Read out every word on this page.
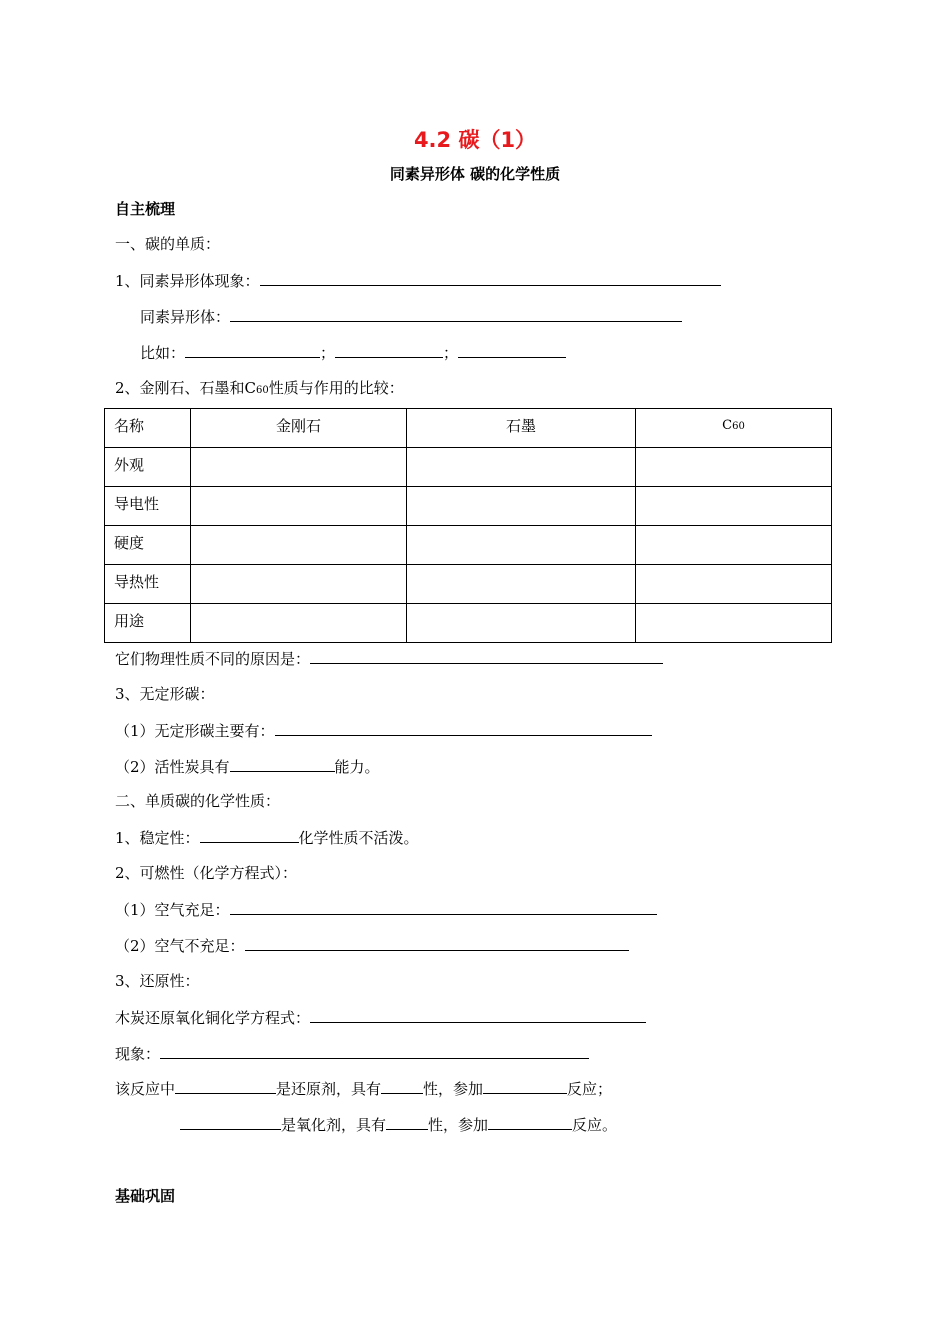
4.2 碳（1）
同素异形体 碳的化学性质
自主梳理
一、碳的单质：
1、同素异形体现象：
同素异形体：
比如：	；	；
2、金刚石、石墨和C60性质与作用的比较：
名称	金刚石	石墨	C60
外观			
导电性			
硬度			
导热性			
用途			
它们物理性质不同的原因是：
3、无定形碳：
（1）无定形碳主要有：
（2）活性炭具有	能力。
二、单质碳的化学性质：
1、稳定性：	化学性质不活泼。
2、可燃性（化学方程式）：
（1）空气充足：
（2）空气不充足：
3、还原性：
木炭还原氧化铜化学方程式：
现象：
该反应中	是还原剂，具有	性，参加	反应；
是氧化剂，具有	性，参加	反应。
基础巩固
